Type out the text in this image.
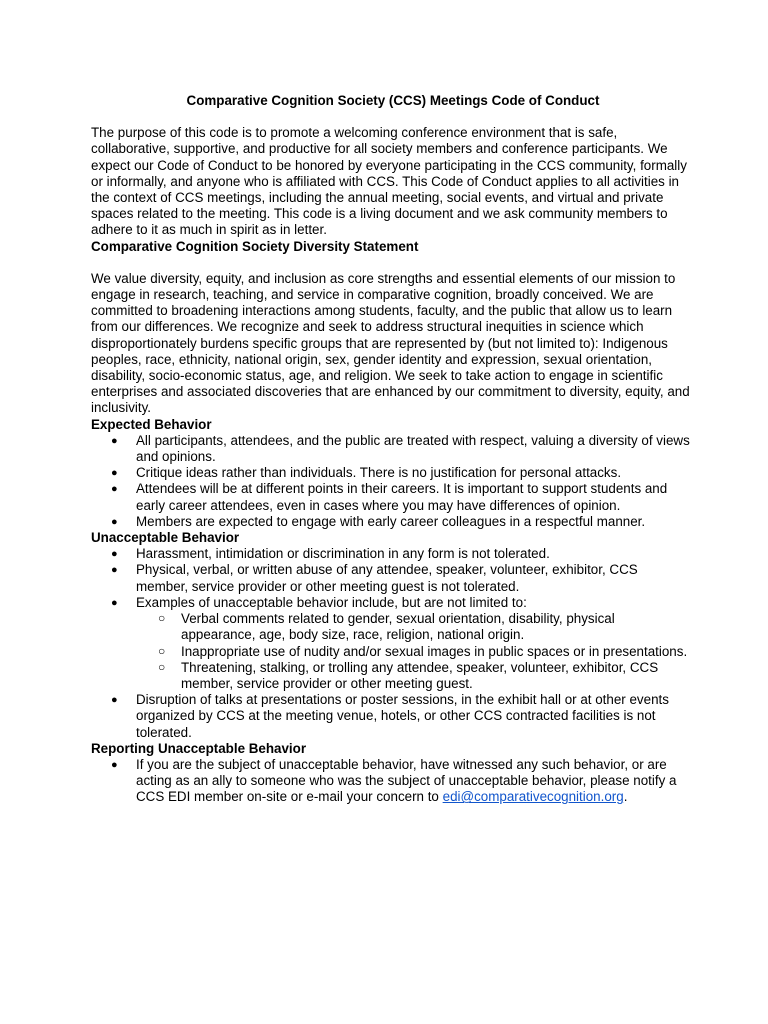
Comparative Cognition Society (CCS) Meetings Code of Conduct

The purpose of this code is to promote a welcoming conference environment that is safe, collaborative, supportive, and productive for all society members and conference participants. We expect our Code of Conduct to be honored by everyone participating in the CCS community, formally or informally, and anyone who is affiliated with CCS. This Code of Conduct applies to all activities in the context of CCS meetings, including the annual meeting, social events, and virtual and private spaces related to the meeting. This code is a living document and we ask community members to adhere to it as much in spirit as in letter.

Comparative Cognition Society Diversity Statement

We value diversity, equity, and inclusion as core strengths and essential elements of our mission to engage in research, teaching, and service in comparative cognition, broadly conceived. We are committed to broadening interactions among students, faculty, and the public that allow us to learn from our differences. We recognize and seek to address structural inequities in science which disproportionately burdens specific groups that are represented by (but not limited to): Indigenous peoples, race, ethnicity, national origin, sex, gender identity and expression, sexual orientation, disability, socio-economic status, age, and religion. We seek to take action to engage in scientific enterprises and associated discoveries that are enhanced by our commitment to diversity, equity, and inclusivity.

Expected Behavior

● All participants, attendees, and the public are treated with respect, valuing a diversity of views and opinions.
● Critique ideas rather than individuals. There is no justification for personal attacks.
● Attendees will be at different points in their careers. It is important to support students and early career attendees, even in cases where you may have differences of opinion.
● Members are expected to engage with early career colleagues in a respectful manner.

Unacceptable Behavior

● Harassment, intimidation or discrimination in any form is not tolerated.
● Physical, verbal, or written abuse of any attendee, speaker, volunteer, exhibitor, CCS member, service provider or other meeting guest is not tolerated.
● Examples of unacceptable behavior include, but are not limited to:
○ Verbal comments related to gender, sexual orientation, disability, physical appearance, age, body size, race, religion, national origin.
○ Inappropriate use of nudity and/or sexual images in public spaces or in presentations.
○ Threatening, stalking, or trolling any attendee, speaker, volunteer, exhibitor, CCS member, service provider or other meeting guest.
● Disruption of talks at presentations or poster sessions, in the exhibit hall or at other events organized by CCS at the meeting venue, hotels, or other CCS contracted facilities is not tolerated.

Reporting Unacceptable Behavior

● If you are the subject of unacceptable behavior, have witnessed any such behavior, or are acting as an ally to someone who was the subject of unacceptable behavior, please notify a CCS EDI member on-site or e-mail your concern to edi@comparativecognition.org.
